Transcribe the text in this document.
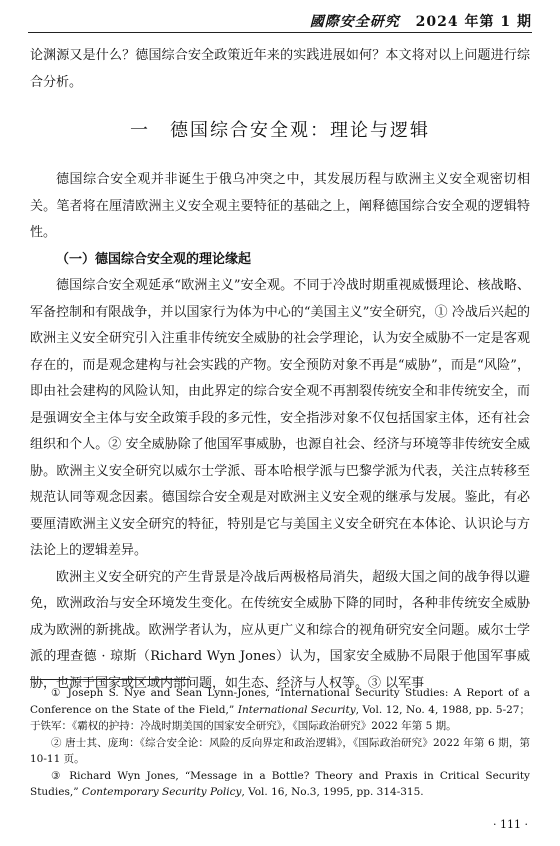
國際安全研究 2024 年第 1 期

论渊源又是什么？德国综合安全政策近年来的实践进展如何？本文将对以上问题进行综合分析。

一　德国综合安全观：理论与逻辑

德国综合安全观并非诞生于俄乌冲突之中，其发展历程与欧洲主义安全观密切相关。笔者将在厘清欧洲主义安全观主要特征的基础之上，阐释德国综合安全观的逻辑特性。

（一）德国综合安全观的理论缘起

德国综合安全观延承“欧洲主义”安全观。不同于冷战时期重视威慑理论、核战略、军备控制和有限战争，并以国家行为体为中心的“美国主义”安全研究，① 冷战后兴起的欧洲主义安全研究引入注重非传统安全威胁的社会学理论，认为安全威胁不一定是客观存在的，而是观念建构与社会实践的产物。安全预防对象不再是“威胁”，而是“风险”，即由社会建构的风险认知，由此界定的综合安全观不再割裂传统安全和非传统安全，而是强调安全主体与安全政策手段的多元性，安全指涉对象不仅包括国家主体，还有社会组织和个人。② 安全威胁除了他国军事威胁，也源自社会、经济与环境等非传统安全威胁。欧洲主义安全研究以威尔士学派、哥本哈根学派与巴黎学派为代表，关注点转移至规范认同等观念因素。德国综合安全观是对欧洲主义安全观的继承与发展。鉴此，有必要厘清欧洲主义安全研究的特征，特别是它与美国主义安全研究在本体论、认识论与方法论上的逻辑差异。

欧洲主义安全研究的产生背景是冷战后两极格局消失，超级大国之间的战争得以避免，欧洲政治与安全环境发生变化。在传统安全威胁下降的同时，各种非传统安全威胁成为欧洲的新挑战。欧洲学者认为，应从更广义和综合的视角研究安全问题。威尔士学派的理查德 · 琼斯（Richard Wyn Jones）认为，国家安全威胁不局限于他国军事威胁，也源于国家或区域内部问题，如生态、经济与人权等。③ 以军事

① Joseph S. Nye and Sean Lynn-Jones, “International Security Studies: A Report of a Conference on the State of the Field,” International Security, Vol. 12, No. 4, 1988, pp. 5-27；于铁军：《霸权的护持：冷战时期美国的国家安全研究》，《国际政治研究》2022 年第 5 期。

② 唐士其、庞珣：《综合安全论：风险的反向界定和政治逻辑》，《国际政治研究》2022 年第 6 期，第 10-11 页。

③ Richard Wyn Jones, “Message in a Bottle? Theory and Praxis in Critical Security Studies,” Contemporary Security Policy, Vol. 16, No.3, 1995, pp. 314-315.

· 111 ·
